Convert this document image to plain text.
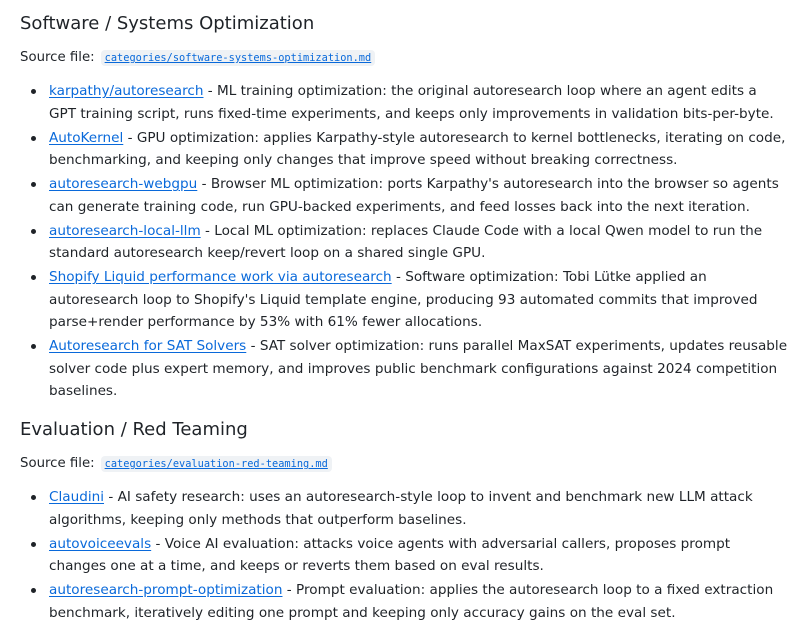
Software / Systems Optimization
Source file: categories/software-systems-optimization.md
karpathy/autoresearch - ML training optimization: the original autoresearch loop where an agent edits a GPT training script, runs fixed-time experiments, and keeps only improvements in validation bits-per-byte.
AutoKernel - GPU optimization: applies Karpathy-style autoresearch to kernel bottlenecks, iterating on code, benchmarking, and keeping only changes that improve speed without breaking correctness.
autoresearch-webgpu - Browser ML optimization: ports Karpathy's autoresearch into the browser so agents can generate training code, run GPU-backed experiments, and feed losses back into the next iteration.
autoresearch-local-llm - Local ML optimization: replaces Claude Code with a local Qwen model to run the standard autoresearch keep/revert loop on a shared single GPU.
Shopify Liquid performance work via autoresearch - Software optimization: Tobi Lütke applied an autoresearch loop to Shopify's Liquid template engine, producing 93 automated commits that improved parse+render performance by 53% with 61% fewer allocations.
Autoresearch for SAT Solvers - SAT solver optimization: runs parallel MaxSAT experiments, updates reusable solver code plus expert memory, and improves public benchmark configurations against 2024 competition baselines.
Evaluation / Red Teaming
Source file: categories/evaluation-red-teaming.md
Claudini - AI safety research: uses an autoresearch-style loop to invent and benchmark new LLM attack algorithms, keeping only methods that outperform baselines.
autovoiceevals - Voice AI evaluation: attacks voice agents with adversarial callers, proposes prompt changes one at a time, and keeps or reverts them based on eval results.
autoresearch-prompt-optimization - Prompt evaluation: applies the autoresearch loop to a fixed extraction benchmark, iteratively editing one prompt and keeping only accuracy gains on the eval set.
